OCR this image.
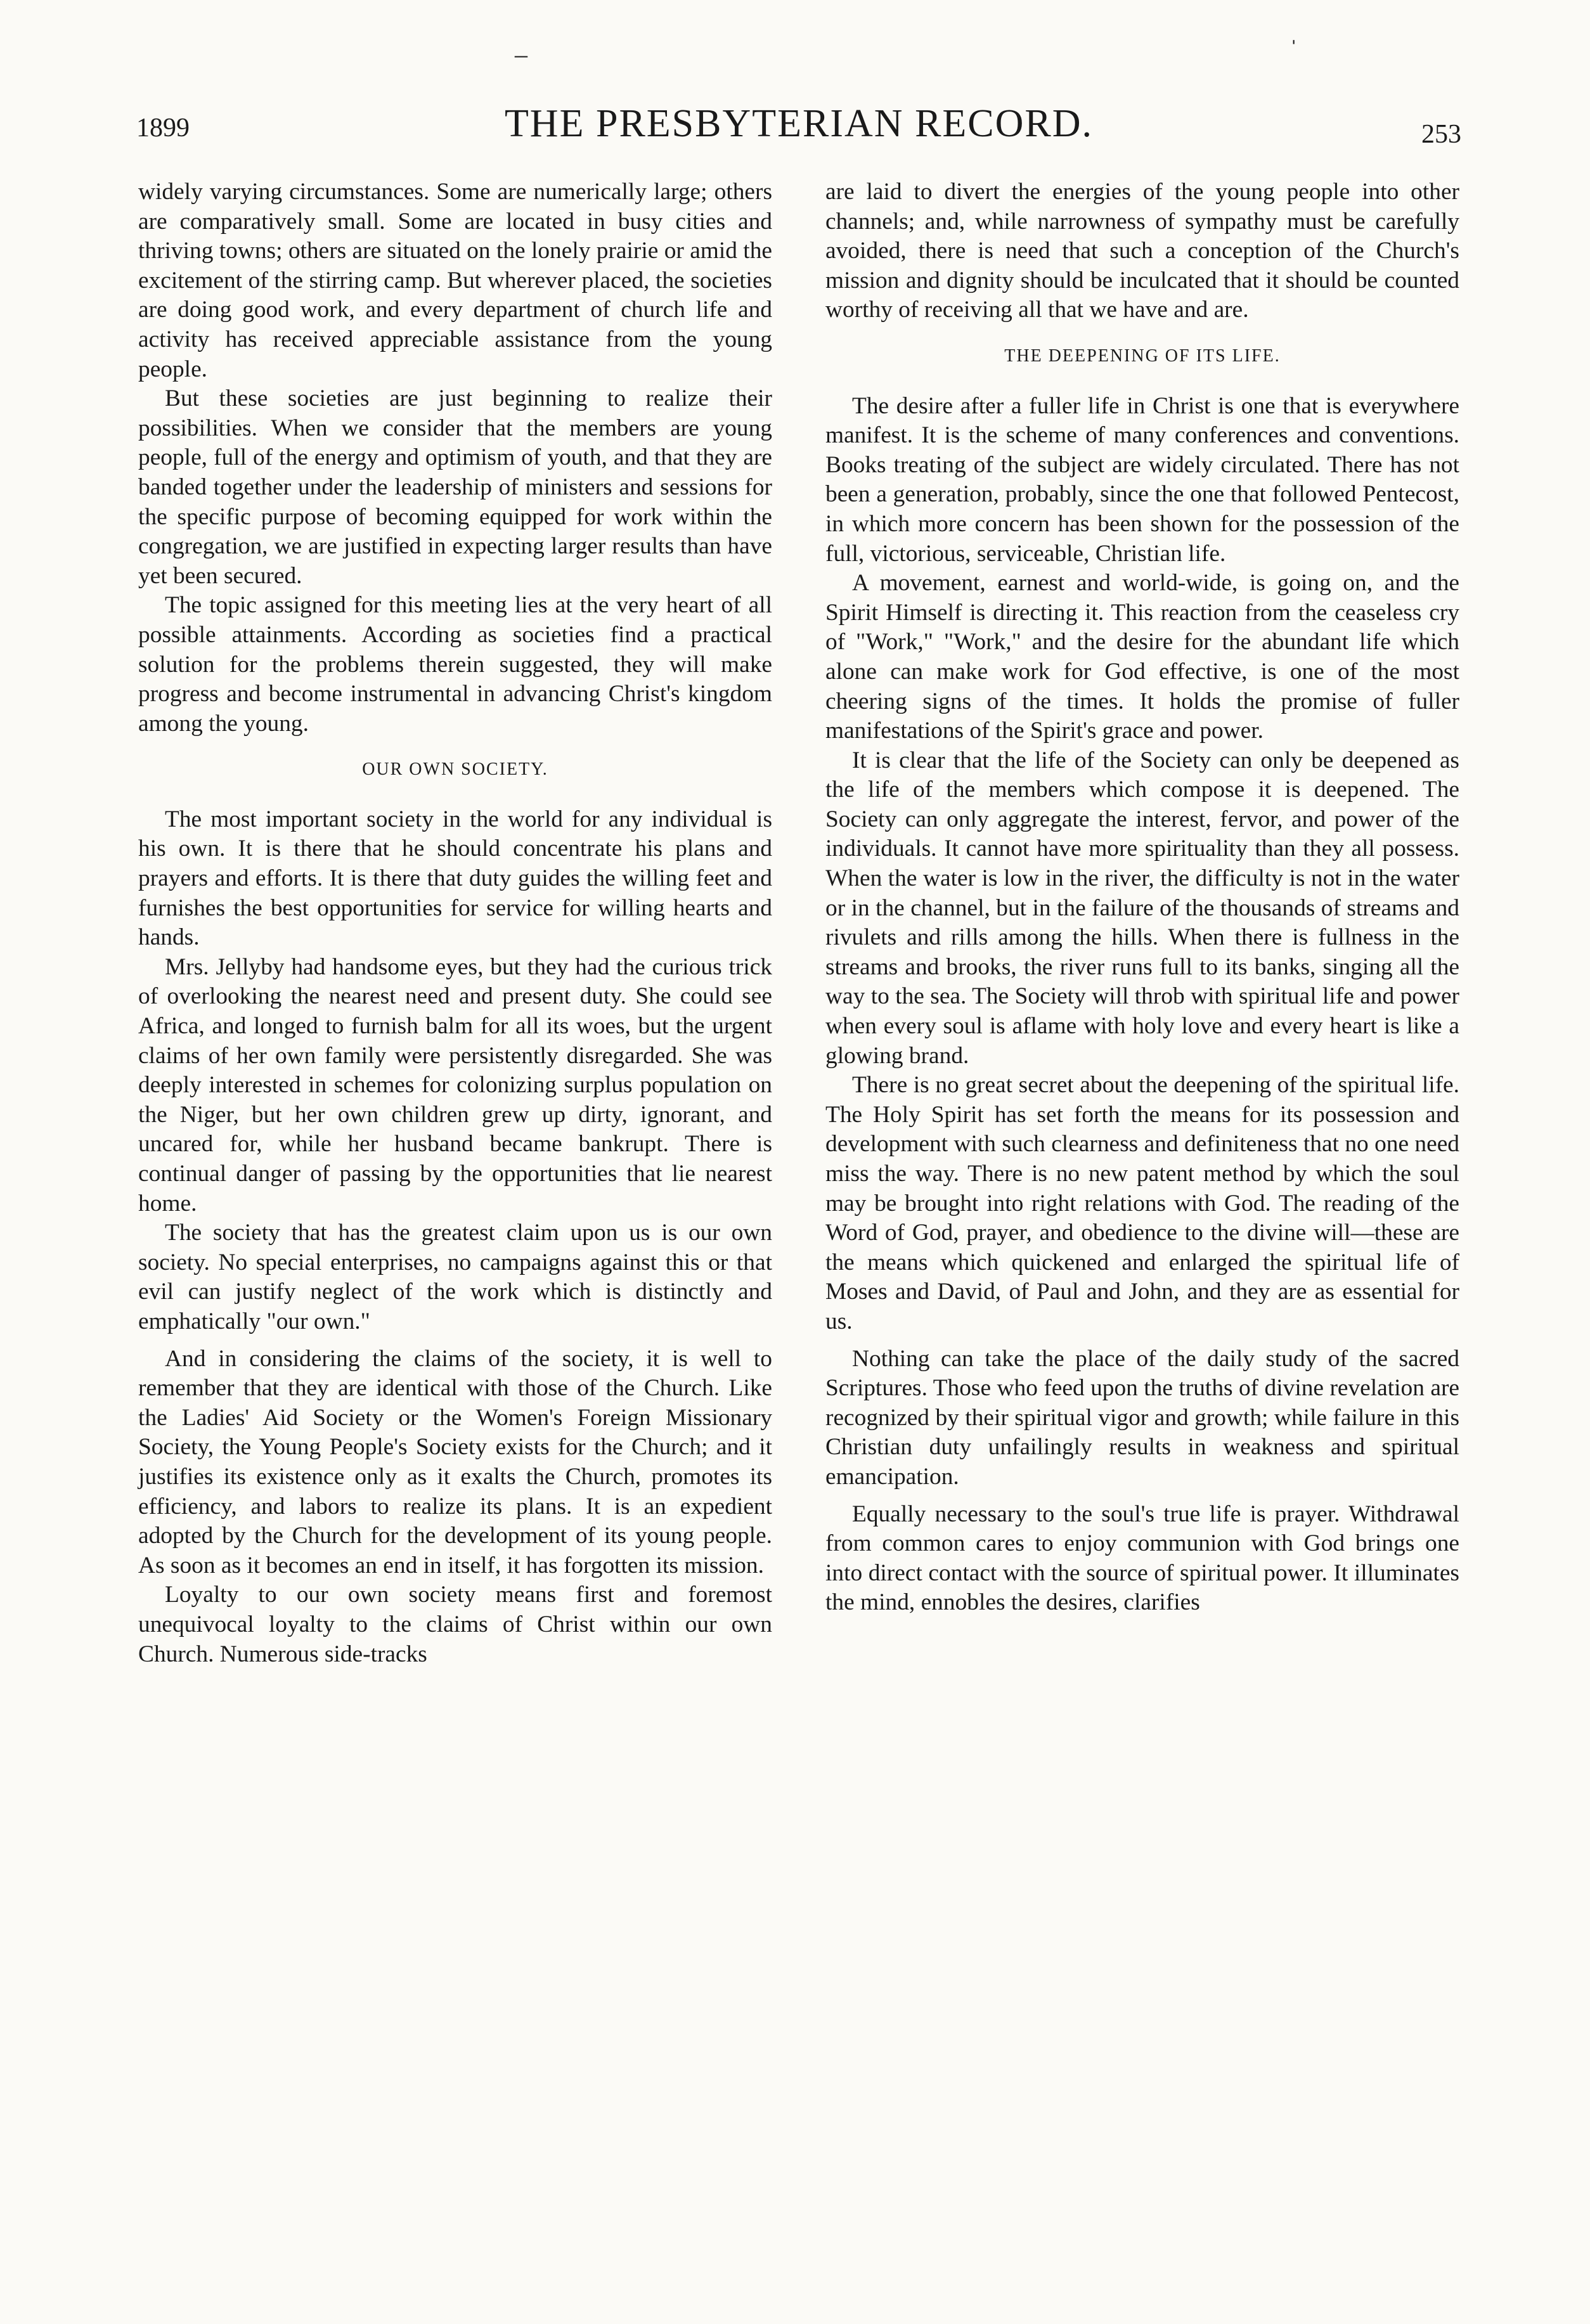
–
ˌ
1899	THE PRESBYTERIAN RECORD.	253

widely varying circumstances. Some are numerically large; others are comparatively small. Some are located in busy cities and thriving towns; others are situated on the lonely prairie or amid the excitement of the stirring camp. But wherever placed, the societies are doing good work, and every department of church life and activity has received appreciable assistance from the young people.

But these societies are just beginning to realize their possibilities. When we consider that the members are young people, full of the energy and optimism of youth, and that they are banded together under the leadership of ministers and sessions for the specific purpose of becoming equipped for work within the congregation, we are justified in expecting larger results than have yet been secured.

The topic assigned for this meeting lies at the very heart of all possible attainments. According as societies find a practical solution for the problems therein suggested, they will make progress and become instrumental in advancing Christ's kingdom among the young.

OUR OWN SOCIETY.

The most important society in the world for any individual is his own. It is there that he should concentrate his plans and prayers and efforts. It is there that duty guides the willing feet and furnishes the best opportunities for service for willing hearts and hands.

Mrs. Jellyby had handsome eyes, but they had the curious trick of overlooking the nearest need and present duty. She could see Africa, and longed to furnish balm for all its woes, but the urgent claims of her own family were persistently disregarded. She was deeply interested in schemes for colonizing surplus population on the Niger, but her own children grew up dirty, ignorant, and uncared for, while her husband became bankrupt. There is continual danger of passing by the opportunities that lie nearest home.

The society that has the greatest claim upon us is our own society. No special enterprises, no campaigns against this or that evil can justify neglect of the work which is distinctly and emphatically "our own."

And in considering the claims of the society, it is well to remember that they are identical with those of the Church. Like the Ladies' Aid Society or the Women's Foreign Missionary Society, the Young People's Society exists for the Church; and it justifies its existence only as it exalts the Church, promotes its efficiency, and labors to realize its plans. It is an expedient adopted by the Church for the development of its young people. As soon as it becomes an end in itself, it has forgotten its mission.

Loyalty to our own society means first and foremost unequivocal loyalty to the claims of Christ within our own Church. Numerous side-tracks

are laid to divert the energies of the young people into other channels; and, while narrowness of sympathy must be carefully avoided, there is need that such a conception of the Church's mission and dignity should be inculcated that it should be counted worthy of receiving all that we have and are.

THE DEEPENING OF ITS LIFE.

The desire after a fuller life in Christ is one that is everywhere manifest. It is the scheme of many conferences and conventions. Books treating of the subject are widely circulated. There has not been a generation, probably, since the one that followed Pentecost, in which more concern has been shown for the possession of the full, victorious, serviceable, Christian life.

A movement, earnest and world-wide, is going on, and the Spirit Himself is directing it. This reaction from the ceaseless cry of "Work," "Work," and the desire for the abundant life which alone can make work for God effective, is one of the most cheering signs of the times. It holds the promise of fuller manifestations of the Spirit's grace and power.

It is clear that the life of the Society can only be deepened as the life of the members which compose it is deepened. The Society can only aggregate the interest, fervor, and power of the individuals. It cannot have more spirituality than they all possess. When the water is low in the river, the difficulty is not in the water or in the channel, but in the failure of the thousands of streams and rivulets and rills among the hills. When there is fullness in the streams and brooks, the river runs full to its banks, singing all the way to the sea. The Society will throb with spiritual life and power when every soul is aflame with holy love and every heart is like a glowing brand.

There is no great secret about the deepening of the spiritual life. The Holy Spirit has set forth the means for its possession and development with such clearness and definiteness that no one need miss the way. There is no new patent method by which the soul may be brought into right relations with God. The reading of the Word of God, prayer, and obedience to the divine will—these are the means which quickened and enlarged the spiritual life of Moses and David, of Paul and John, and they are as essential for us.

Nothing can take the place of the daily study of the sacred Scriptures. Those who feed upon the truths of divine revelation are recognized by their spiritual vigor and growth; while failure in this Christian duty unfailingly results in weakness and spiritual emancipation.

Equally necessary to the soul's true life is prayer. Withdrawal from common cares to enjoy communion with God brings one into direct contact with the source of spiritual power. It illuminates the mind, ennobles the desires, clarifies
